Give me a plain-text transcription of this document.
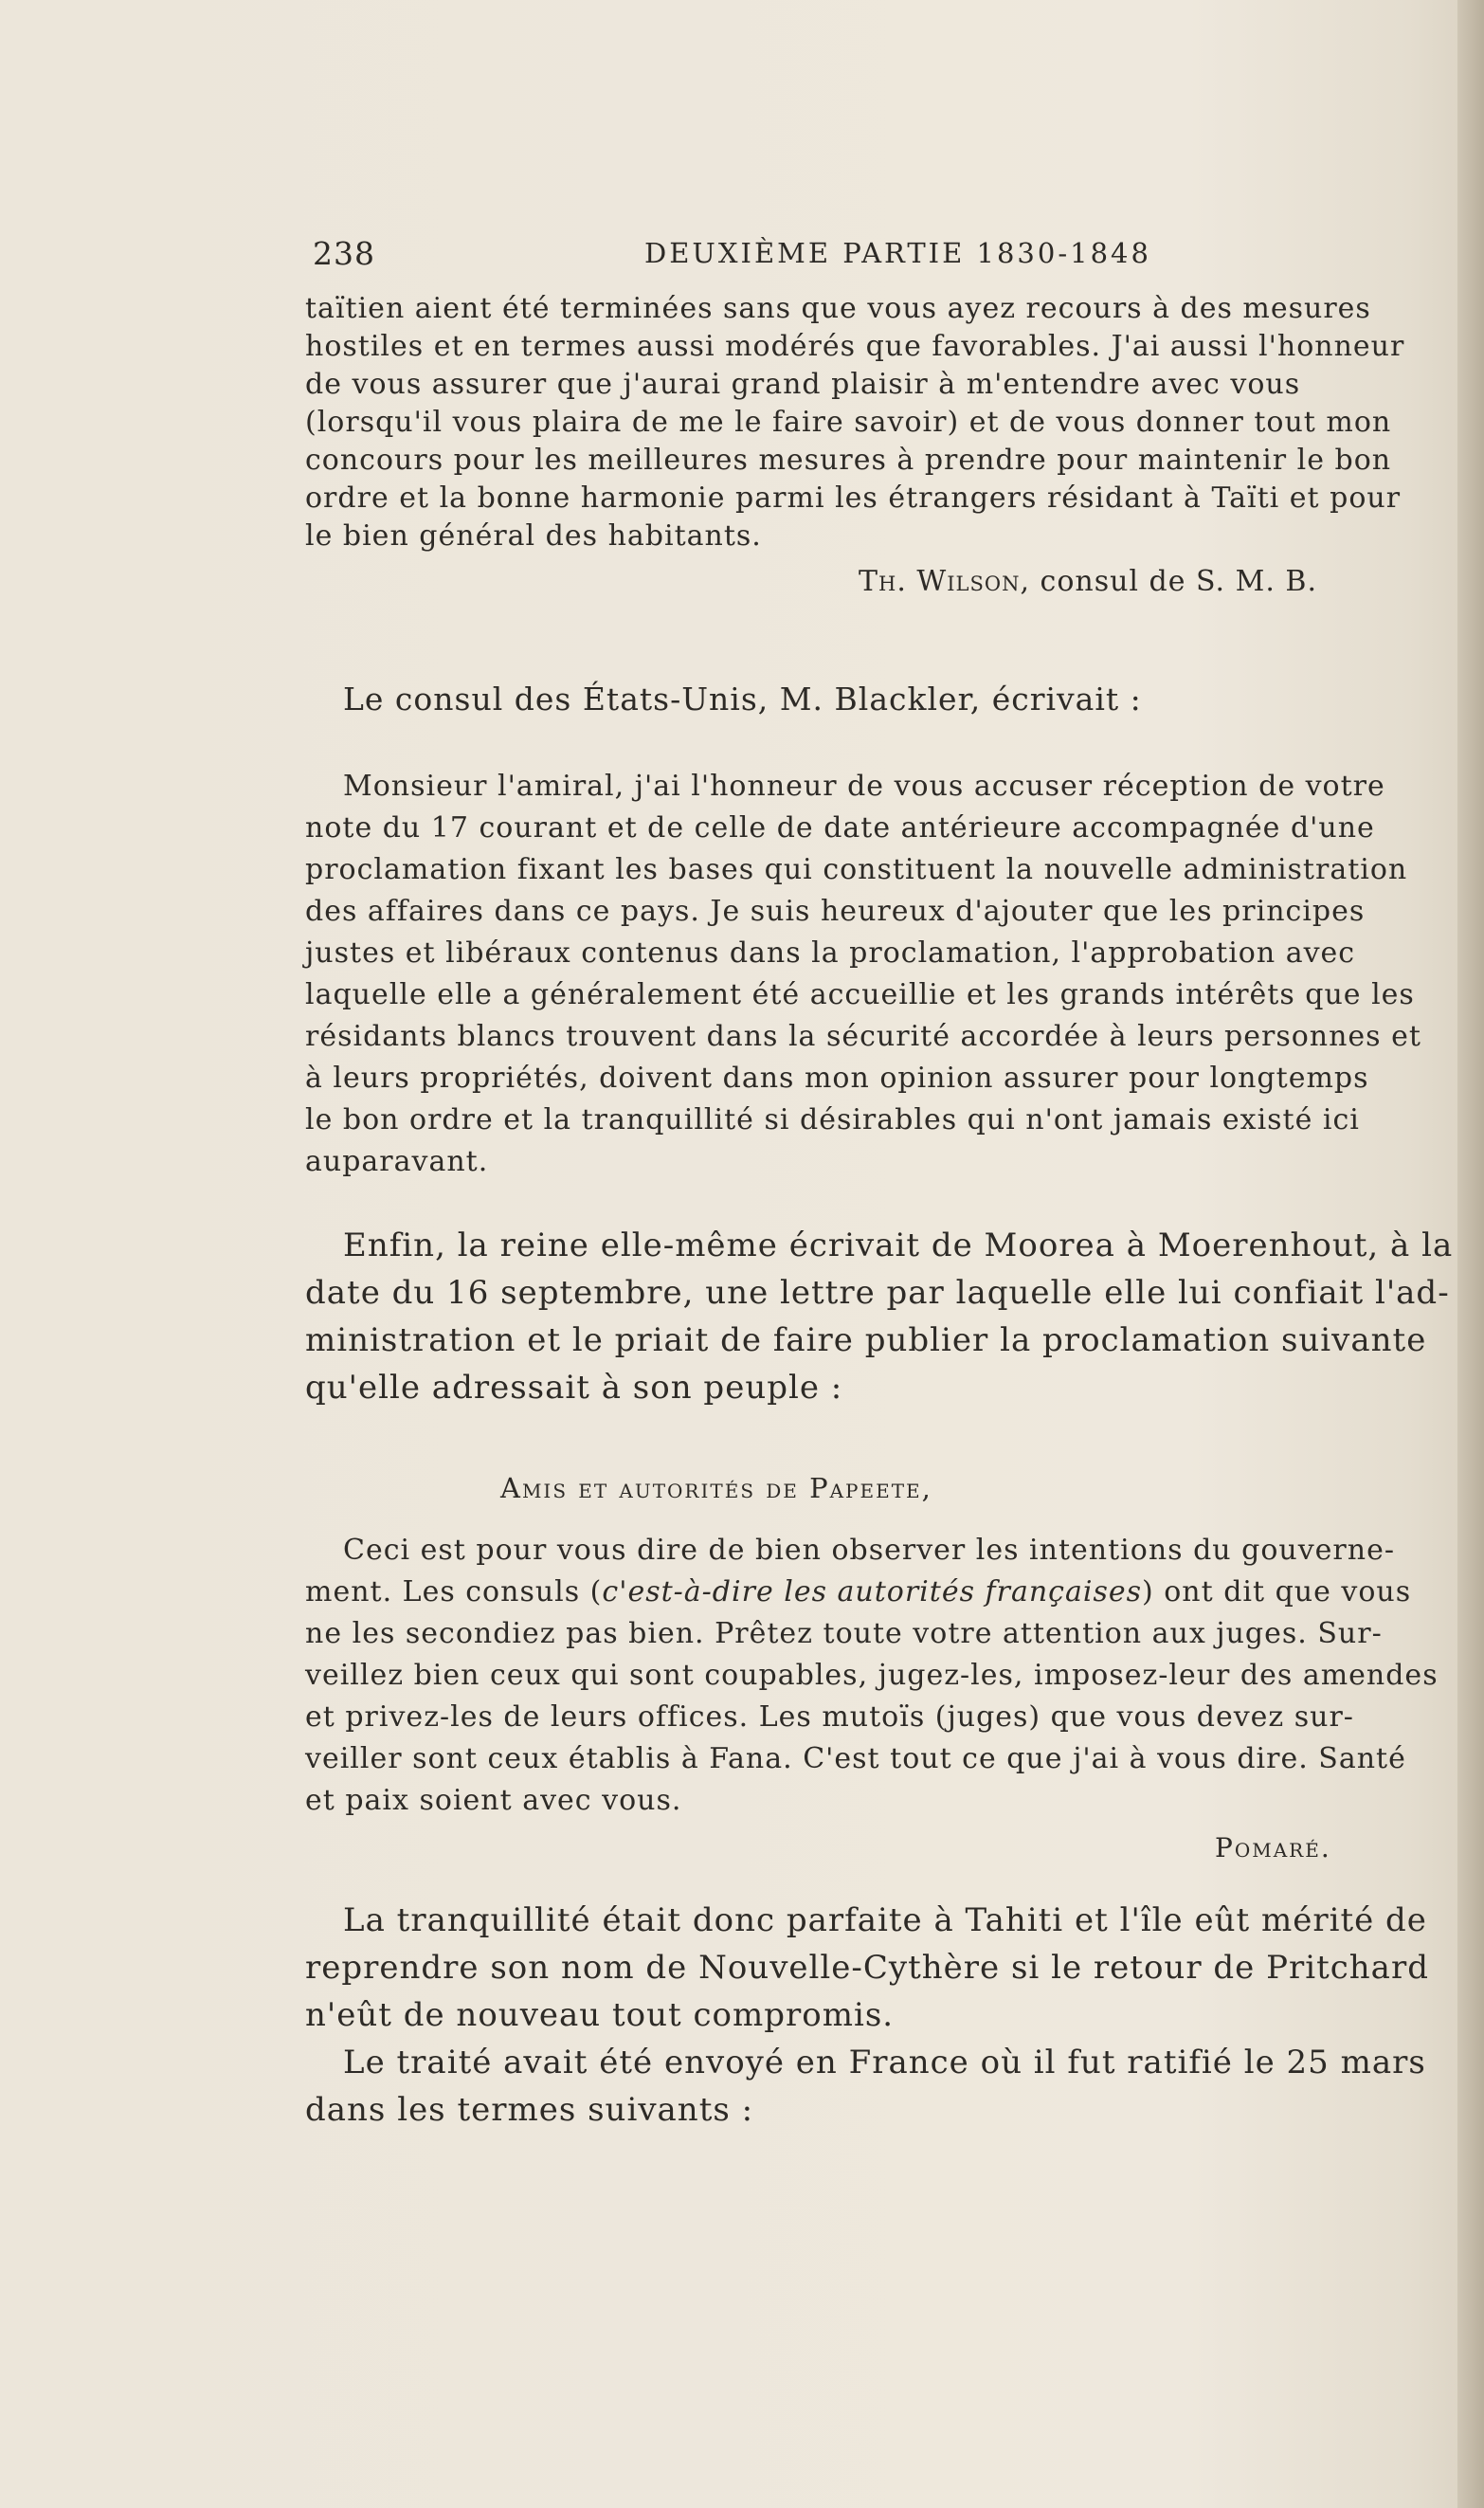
238	DEUXIÈME PARTIE 1830-1848
taïtien aient été terminées sans que vous ayez recours à des mesures
hostiles et en termes aussi modérés que favorables. J'ai aussi l'honneur
de vous assurer que j'aurai grand plaisir à m'entendre avec vous
(lorsqu'il vous plaira de me le faire savoir) et de vous donner tout mon
concours pour les meilleures mesures à prendre pour maintenir le bon
ordre et la bonne harmonie parmi les étrangers résidant à Taïti et pour
le bien général des habitants.
Th. Wilson, consul de S. M. B.
Le consul des États-Unis, M. Blackler, écrivait :
Monsieur l'amiral, j'ai l'honneur de vous accuser réception de votre
note du 17 courant et de celle de date antérieure accompagnée d'une
proclamation fixant les bases qui constituent la nouvelle administration
des affaires dans ce pays. Je suis heureux d'ajouter que les principes
justes et libéraux contenus dans la proclamation, l'approbation avec
laquelle elle a généralement été accueillie et les grands intérêts que les
résidants blancs trouvent dans la sécurité accordée à leurs personnes et
à leurs propriétés, doivent dans mon opinion assurer pour longtemps
le bon ordre et la tranquillité si désirables qui n'ont jamais existé ici
auparavant.
Enfin, la reine elle-même écrivait de Moorea à Moerenhout, à la
date du 16 septembre, une lettre par laquelle elle lui confiait l'ad-
ministration et le priait de faire publier la proclamation suivante
qu'elle adressait à son peuple :
Amis et autorités de Papeete,
Ceci est pour vous dire de bien observer les intentions du gouverne-
ment. Les consuls (c'est-à-dire les autorités françaises) ont dit que vous
ne les secondiez pas bien. Prêtez toute votre attention aux juges. Sur-
veillez bien ceux qui sont coupables, jugez-les, imposez-leur des amendes
et privez-les de leurs offices. Les mutoïs (juges) que vous devez sur-
veiller sont ceux établis à Fana. C'est tout ce que j'ai à vous dire. Santé
et paix soient avec vous.
Pomaré.
La tranquillité était donc parfaite à Tahiti et l'île eût mérité de
reprendre son nom de Nouvelle-Cythère si le retour de Pritchard
n'eût de nouveau tout compromis.
Le traité avait été envoyé en France où il fut ratifié le 25 mars
dans les termes suivants :
